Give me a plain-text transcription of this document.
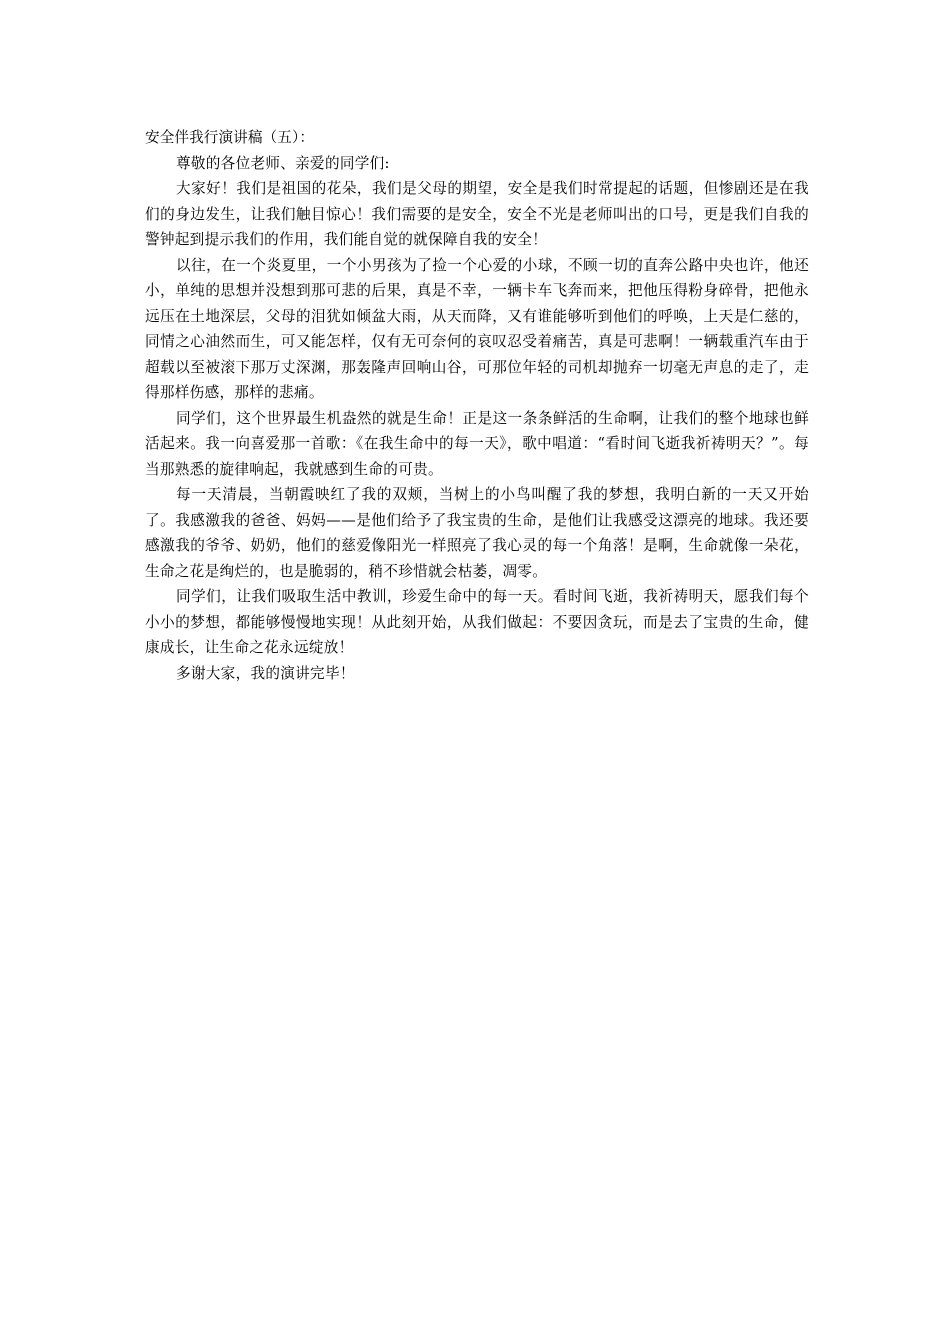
安全伴我行演讲稿（五）：

尊敬的各位老师、亲爱的同学们:

大家好！我们是祖国的花朵，我们是父母的期望，安全是我们时常提起的话题，但惨剧还是在我们的身边发生，让我们触目惊心！我们需要的是安全，安全不光是老师叫出的口号，更是我们自我的警钟起到提示我们的作用，我们能自觉的就保障自我的安全！

以往，在一个炎夏里，一个小男孩为了捡一个心爱的小球，不顾一切的直奔公路中央也许，他还小，单纯的思想并没想到那可悲的后果，真是不幸，一辆卡车飞奔而来，把他压得粉身碎骨，把他永远压在土地深层，父母的泪犹如倾盆大雨，从天而降，又有谁能够听到他们的呼唤，上天是仁慈的，同情之心油然而生，可又能怎样，仅有无可奈何的哀叹忍受着痛苦，真是可悲啊！一辆载重汽车由于超载以至被滚下那万丈深渊，那轰隆声回响山谷，可那位年轻的司机却抛弃一切毫无声息的走了，走得那样伤感，那样的悲痛。

同学们，这个世界最生机盎然的就是生命！正是这一条条鲜活的生命啊，让我们的整个地球也鲜活起来。我一向喜爱那一首歌：《在我生命中的每一天》，歌中唱道：“看时间飞逝我祈祷明天？”。每当那熟悉的旋律响起，我就感到生命的可贵。

每一天清晨，当朝霞映红了我的双颊，当树上的小鸟叫醒了我的梦想，我明白新的一天又开始了。我感激我的爸爸、妈妈——是他们给予了我宝贵的生命，是他们让我感受这漂亮的地球。我还要感激我的爷爷、奶奶，他们的慈爱像阳光一样照亮了我心灵的每一个角落！是啊，生命就像一朵花，生命之花是绚烂的，也是脆弱的，稍不珍惜就会枯萎，凋零。

同学们，让我们吸取生活中教训，珍爱生命中的每一天。看时间飞逝，我祈祷明天，愿我们每个小小的梦想，都能够慢慢地实现！从此刻开始，从我们做起：不要因贪玩，而是去了宝贵的生命，健康成长，让生命之花永远绽放！

多谢大家，我的演讲完毕！
